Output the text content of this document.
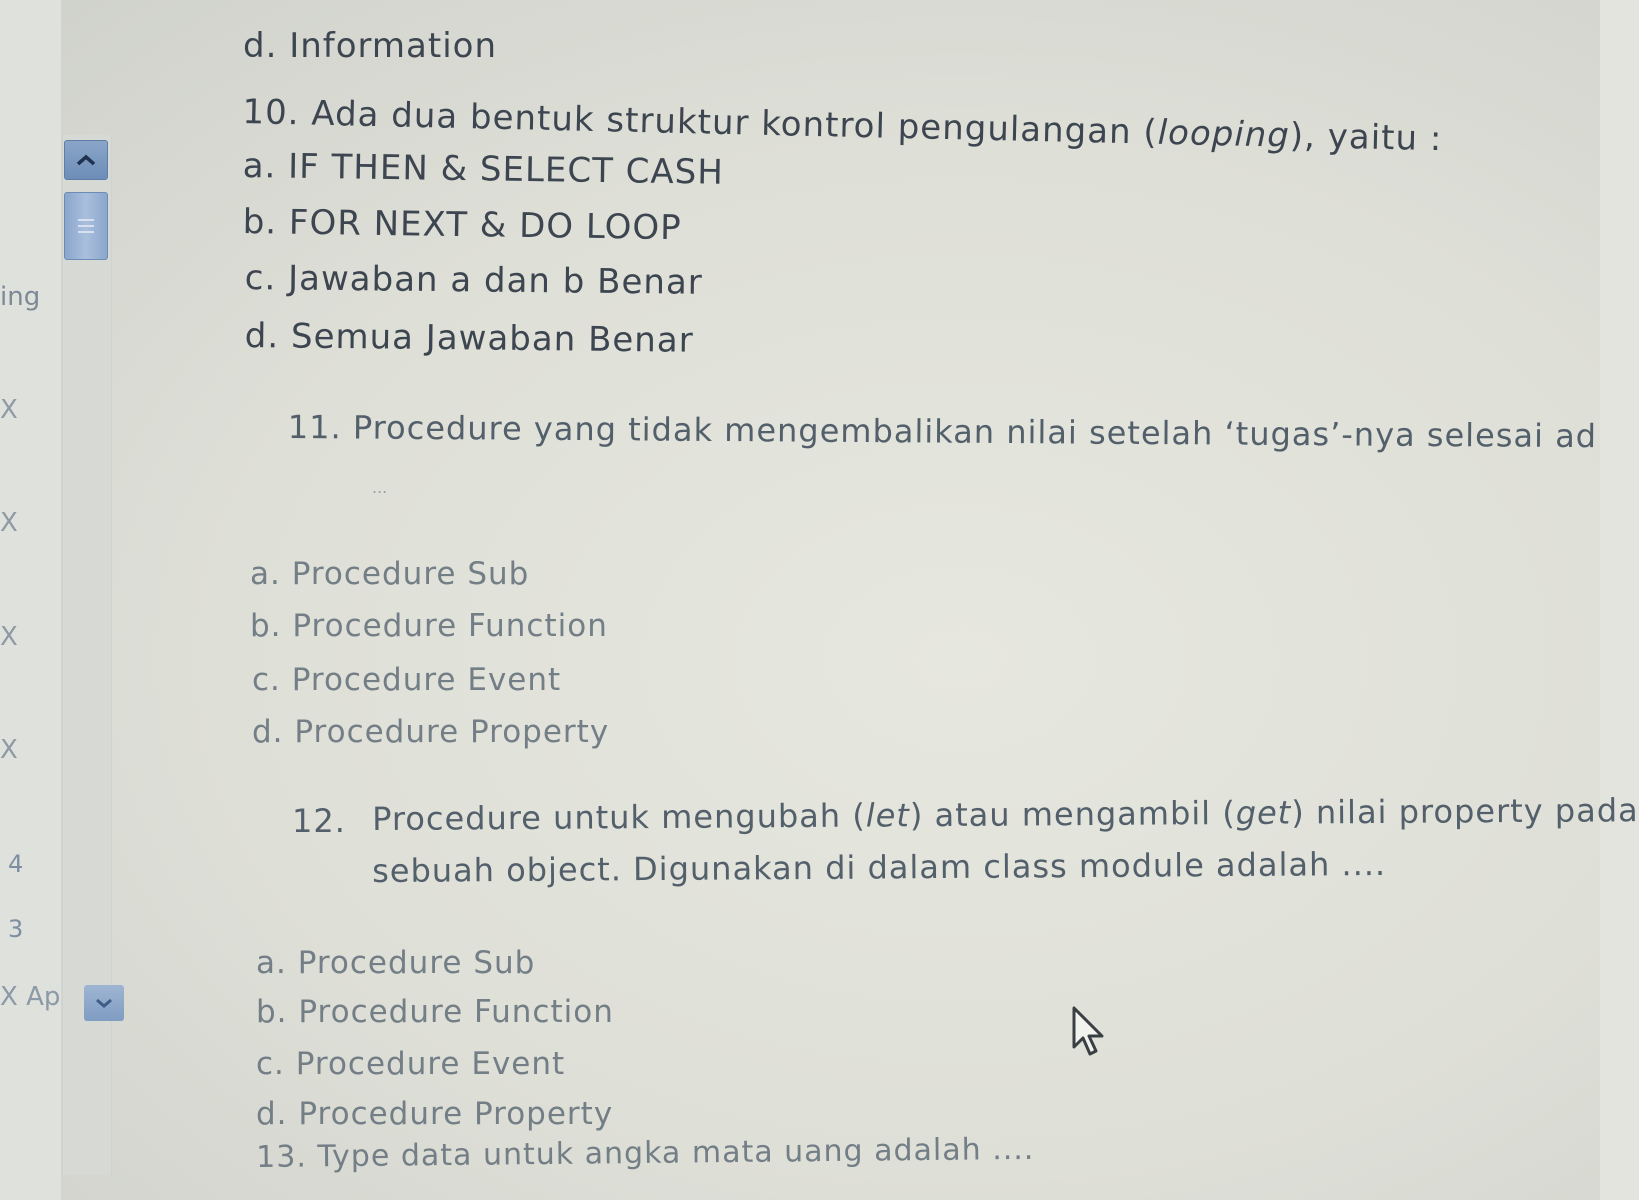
ing
X
X
X
X
4
3
X Ap
d. Information
10. Ada dua bentuk struktur kontrol pengulangan (looping), yaitu :
a. IF THEN & SELECT CASH
b. FOR NEXT & DO LOOP
c. Jawaban a dan b Benar
d. Semua Jawaban Benar
11. Procedure yang tidak mengembalikan nilai setelah ‘tugas’-nya selesai ad
...
a. Procedure Sub
b. Procedure Function
c. Procedure Event
d. Procedure Property
12. Procedure untuk mengubah (let) atau mengambil (get) nilai property pada
sebuah object. Digunakan di dalam class module adalah ....
a. Procedure Sub
b. Procedure Function
c. Procedure Event
d. Procedure Property
13. Type data untuk angka mata uang adalah ....
